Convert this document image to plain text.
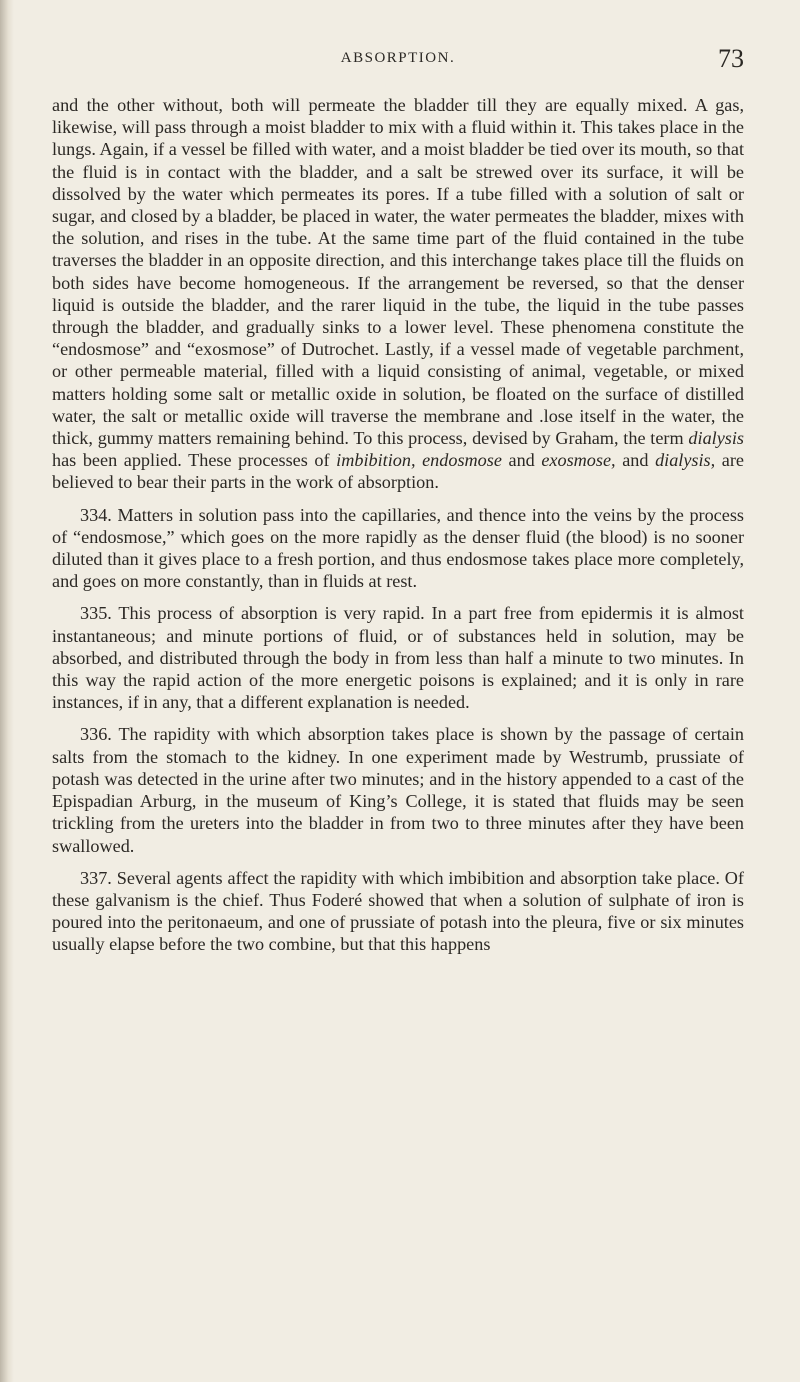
ABSORPTION.	73

and the other without, both will permeate the bladder till they are equally mixed. A gas, likewise, will pass through a moist bladder to mix with a fluid within it. This takes place in the lungs. Again, if a vessel be filled with water, and a moist bladder be tied over its mouth, so that the fluid is in contact with the bladder, and a salt be strewed over its surface, it will be dissolved by the water which permeates its pores. If a tube filled with a solution of salt or sugar, and closed by a bladder, be placed in water, the water permeates the bladder, mixes with the solution, and rises in the tube. At the same time part of the fluid contained in the tube traverses the bladder in an opposite direction, and this interchange takes place till the fluids on both sides have become homogeneous. If the arrangement be reversed, so that the denser liquid is outside the bladder, and the rarer liquid in the tube, the liquid in the tube passes through the bladder, and gradually sinks to a lower level. These phenomena constitute the “endosmose” and “exosmose” of Dutrochet. Lastly, if a vessel made of vegetable parchment, or other permeable material, filled with a liquid consisting of animal, vegetable, or mixed matters holding some salt or metallic oxide in solution, be floated on the surface of distilled water, the salt or metallic oxide will traverse the membrane and .lose itself in the water, the thick, gummy matters remaining behind. To this process, devised by Graham, the term dialysis has been applied. These processes of imbibition, endosmose and exosmose, and dialysis, are believed to bear their parts in the work of absorption.

334. Matters in solution pass into the capillaries, and thence into the veins by the process of “endosmose,” which goes on the more rapidly as the denser fluid (the blood) is no sooner diluted than it gives place to a fresh portion, and thus endosmose takes place more completely, and goes on more constantly, than in fluids at rest.

335. This process of absorption is very rapid. In a part free from epidermis it is almost instantaneous; and minute portions of fluid, or of substances held in solution, may be absorbed, and distributed through the body in from less than half a minute to two minutes. In this way the rapid action of the more energetic poisons is explained; and it is only in rare instances, if in any, that a different explanation is needed.

336. The rapidity with which absorption takes place is shown by the passage of certain salts from the stomach to the kidney. In one experiment made by Westrumb, prussiate of potash was detected in the urine after two minutes; and in the history appended to a cast of the Epispadian Arburg, in the museum of King’s College, it is stated that fluids may be seen trickling from the ureters into the bladder in from two to three minutes after they have been swallowed.

337. Several agents affect the rapidity with which imbibition and absorption take place. Of these galvanism is the chief. Thus Foderé showed that when a solution of sulphate of iron is poured into the peritonaeum, and one of prussiate of potash into the pleura, five or six minutes usually elapse before the two combine, but that this happens
